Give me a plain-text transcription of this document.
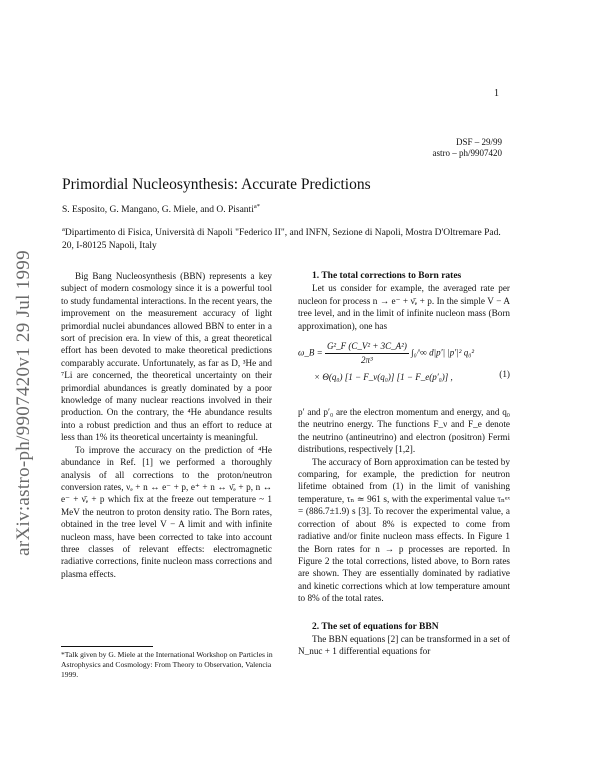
1
DSF – 29/99
astro – ph/9907420
Primordial Nucleosynthesis: Accurate Predictions
S. Esposito, G. Mangano, G. Miele, and O. Pisanti$^{a*}$
$^a$Dipartimento di Fisica, Università di Napoli "Federico II", and INFN, Sezione di Napoli, Mostra D'Oltremare Pad. 20, I-80125 Napoli, Italy
arXiv:astro-ph/9907420v1 29 Jul 1999	Big Bang Nucleosynthesis (BBN) represents a key subject of modern cosmology since it is a powerful tool to study fundamental interactions. In the recent years, the improvement on the measurement accuracy of light primordial nuclei abundances allowed BBN to enter in a sort of precision era. In view of this, a great theoretical effort has been devoted to make theoretical predictions comparably accurate. Unfortunately, as far as D, ³He and ⁷Li are concerned, the theoretical uncertainty on their primordial abundances is greatly dominated by a poor knowledge of many nuclear reactions involved in their production. On the contrary, the ⁴He abundance results into a robust prediction and thus an effort to reduce at less than 1% its theoretical uncertainty is meaningful.

To improve the accuracy on the prediction of ⁴He abundance in Ref. [1] we performed a thoroughly analysis of all corrections to the proton/neutron conversion rates, νₑ + n ↔ e⁻ + p, e⁺ + n ↔ ν̄ₑ + p, n ↔ e⁻ + ν̄ₑ + p which fix at the freeze out temperature ~ 1 MeV the neutron to proton density ratio. The Born rates, obtained in the tree level V − A limit and with infinite nucleon mass, have been corrected to take into account three classes of relevant effects: electromagnetic radiative corrections, finite nucleon mass corrections and plasma effects.

1. The total corrections to Born rates

Let us consider for example, the averaged rate per nucleon for process n → e⁻ + ν̄ₑ + p. In the simple V − A tree level, and in the limit of infinite nucleon mass (Born approximation), one has

ω_B = $\frac{\text{G²\_F (C\_V² + 3C\_A²)}}{\text{2π³}}$ ∫₀^∞ d|p′| |p′|² q₀²
× Θ(q₀) [1 − F_ν(q₀)] [1 − F_e(p′₀)] ,	(1)

p′ and p′₀ are the electron momentum and energy, and q₀ the neutrino energy. The functions F_ν and F_e denote the neutrino (antineutrino) and electron (positron) Fermi distributions, respectively [1,2].

The accuracy of Born approximation can be tested by comparing, for example, the prediction for neutron lifetime obtained from (1) in the limit of vanishing temperature, τₙ ≃ 961 s, with the experimental value τₙᵉˣ = (886.7±1.9) s [3]. To recover the experimental value, a correction of about 8% is expected to come from radiative and/or finite nucleon mass effects. In Figure 1 the Born rates for n → p processes are reported. In Figure 2 the total corrections, listed above, to Born rates are shown. They are essentially dominated by radiative and kinetic corrections which at low temperature amount to 8% of the total rates.

2. The set of equations for BBN

The BBN equations [2] can be transformed in a set of N_nuc + 1 differential equations for

*Talk given by G. Miele at the International Workshop on Particles in Astrophysics and Cosmology: From Theory to Observation, Valencia 1999.
